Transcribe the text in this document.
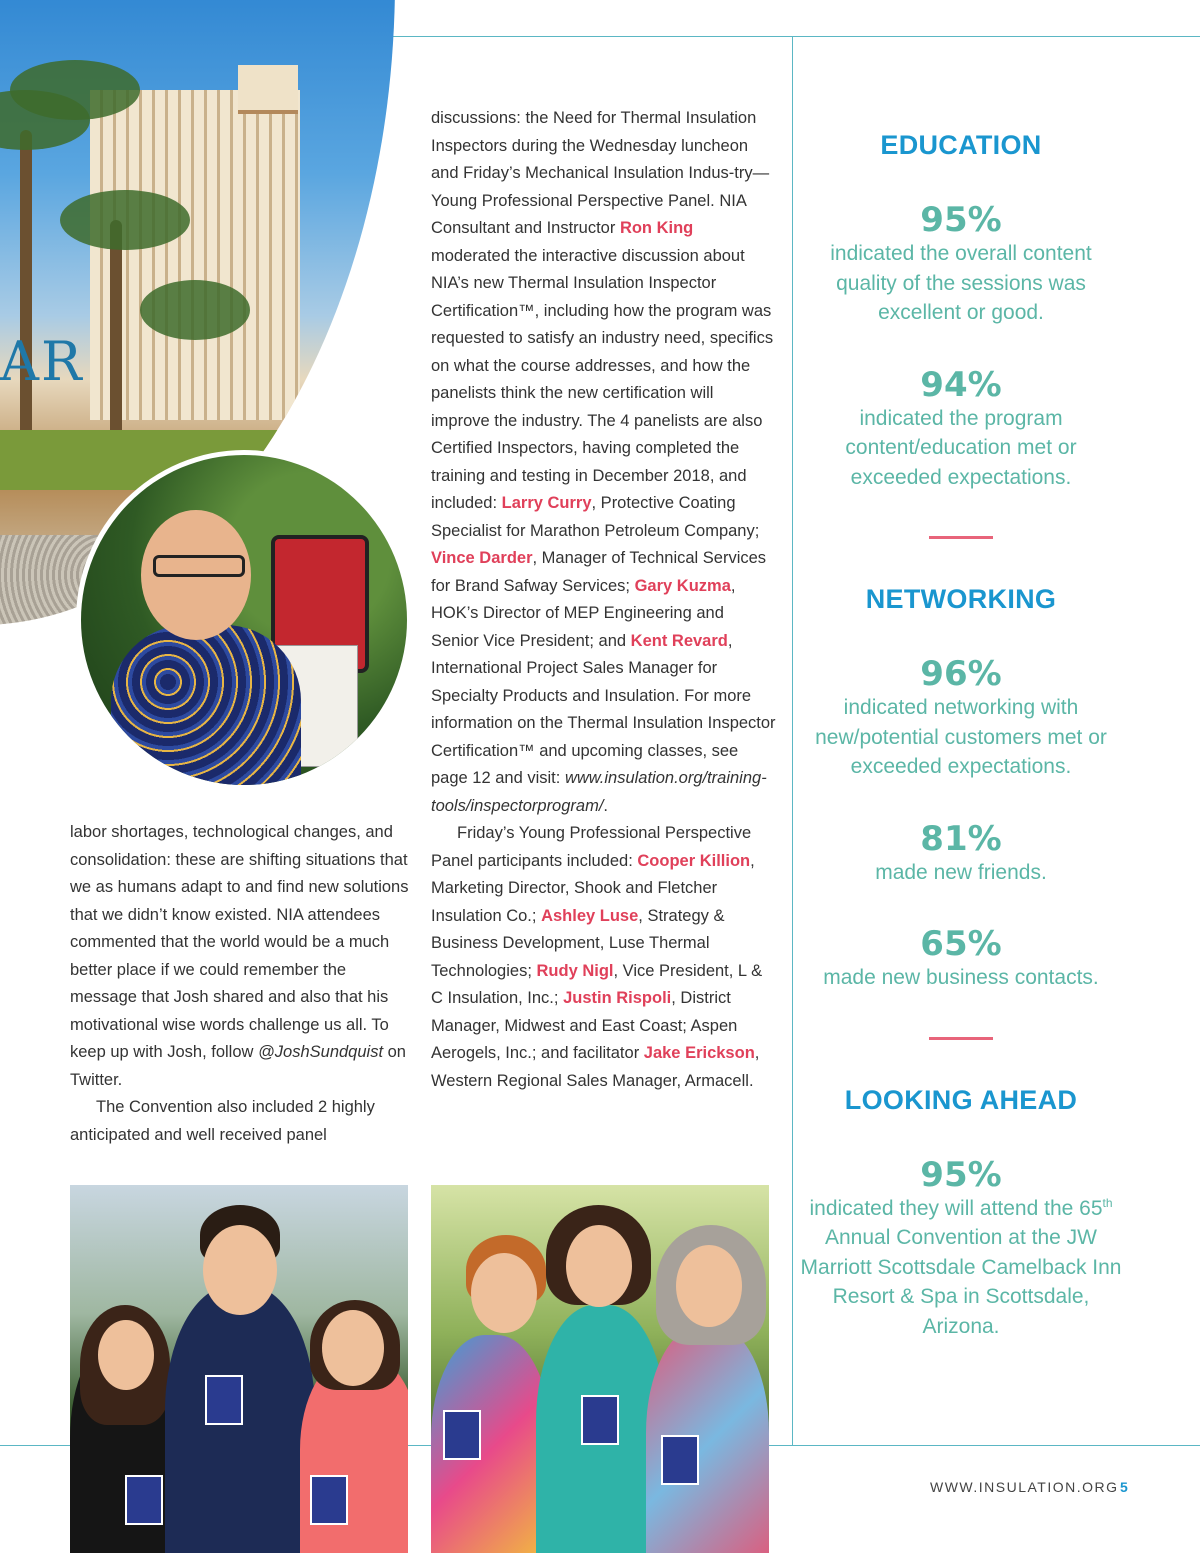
AR

discussions: the Need for Thermal Insulation Inspectors during the Wednesday luncheon and Friday’s Mechanical Insulation Indus-try—Young Professional Perspective Panel. NIA Consultant and Instructor Ron King moderated the interactive discussion about NIA’s new Thermal Insulation Inspector Certification™, including how the program was requested to satisfy an industry need, specifics on what the course addresses, and how the panelists think the new certification will improve the industry. The 4 panelists are also Certified Inspectors, having completed the training and testing in December 2018, and included: Larry Curry, Protective Coating Specialist for Marathon Petroleum Company; Vince Darder, Manager of Technical Services for Brand Safway Services; Gary Kuzma, HOK’s Director of MEP Engineering and Senior Vice President; and Kent Revard, International Project Sales Manager for Specialty Products and Insulation. For more information on the Thermal Insulation Inspector Certification™ and upcoming classes, see page 12 and visit: www.insulation.org/training-tools/inspectorprogram/.

Friday’s Young Professional Perspective Panel participants included: Cooper Killion, Marketing Director, Shook and Fletcher Insulation Co.; Ashley Luse, Strategy & Business Development, Luse Thermal Technologies; Rudy Nigl, Vice President, L & C Insulation, Inc.; Justin Rispoli, District Manager, Midwest and East Coast; Aspen Aerogels, Inc.; and facilitator Jake Erickson, Western Regional Sales Manager, Armacell.

labor shortages, technological changes, and consolidation: these are shifting situations that we as humans adapt to and find new solutions that we didn’t know existed. NIA attendees commented that the world would be a much better place if we could remember the message that Josh shared and also that his motivational wise words challenge us all. To keep up with Josh, follow @JoshSundquist on Twitter.

The Convention also included 2 highly anticipated and well received panel

EDUCATION
95%
indicated the overall content quality of the sessions was excellent or good.
94%
indicated the program content/education met or exceeded expectations.
NETWORKING
96%
indicated networking with new/potential customers met or exceeded expectations.
81%
made new friends.
65%
made new business contacts.
LOOKING AHEAD
95%
indicated they will attend the 65th Annual Convention at the JW Marriott Scottsdale Camelback Inn Resort & Spa in Scottsdale, Arizona.
WWW.INSULATION.ORG 5
